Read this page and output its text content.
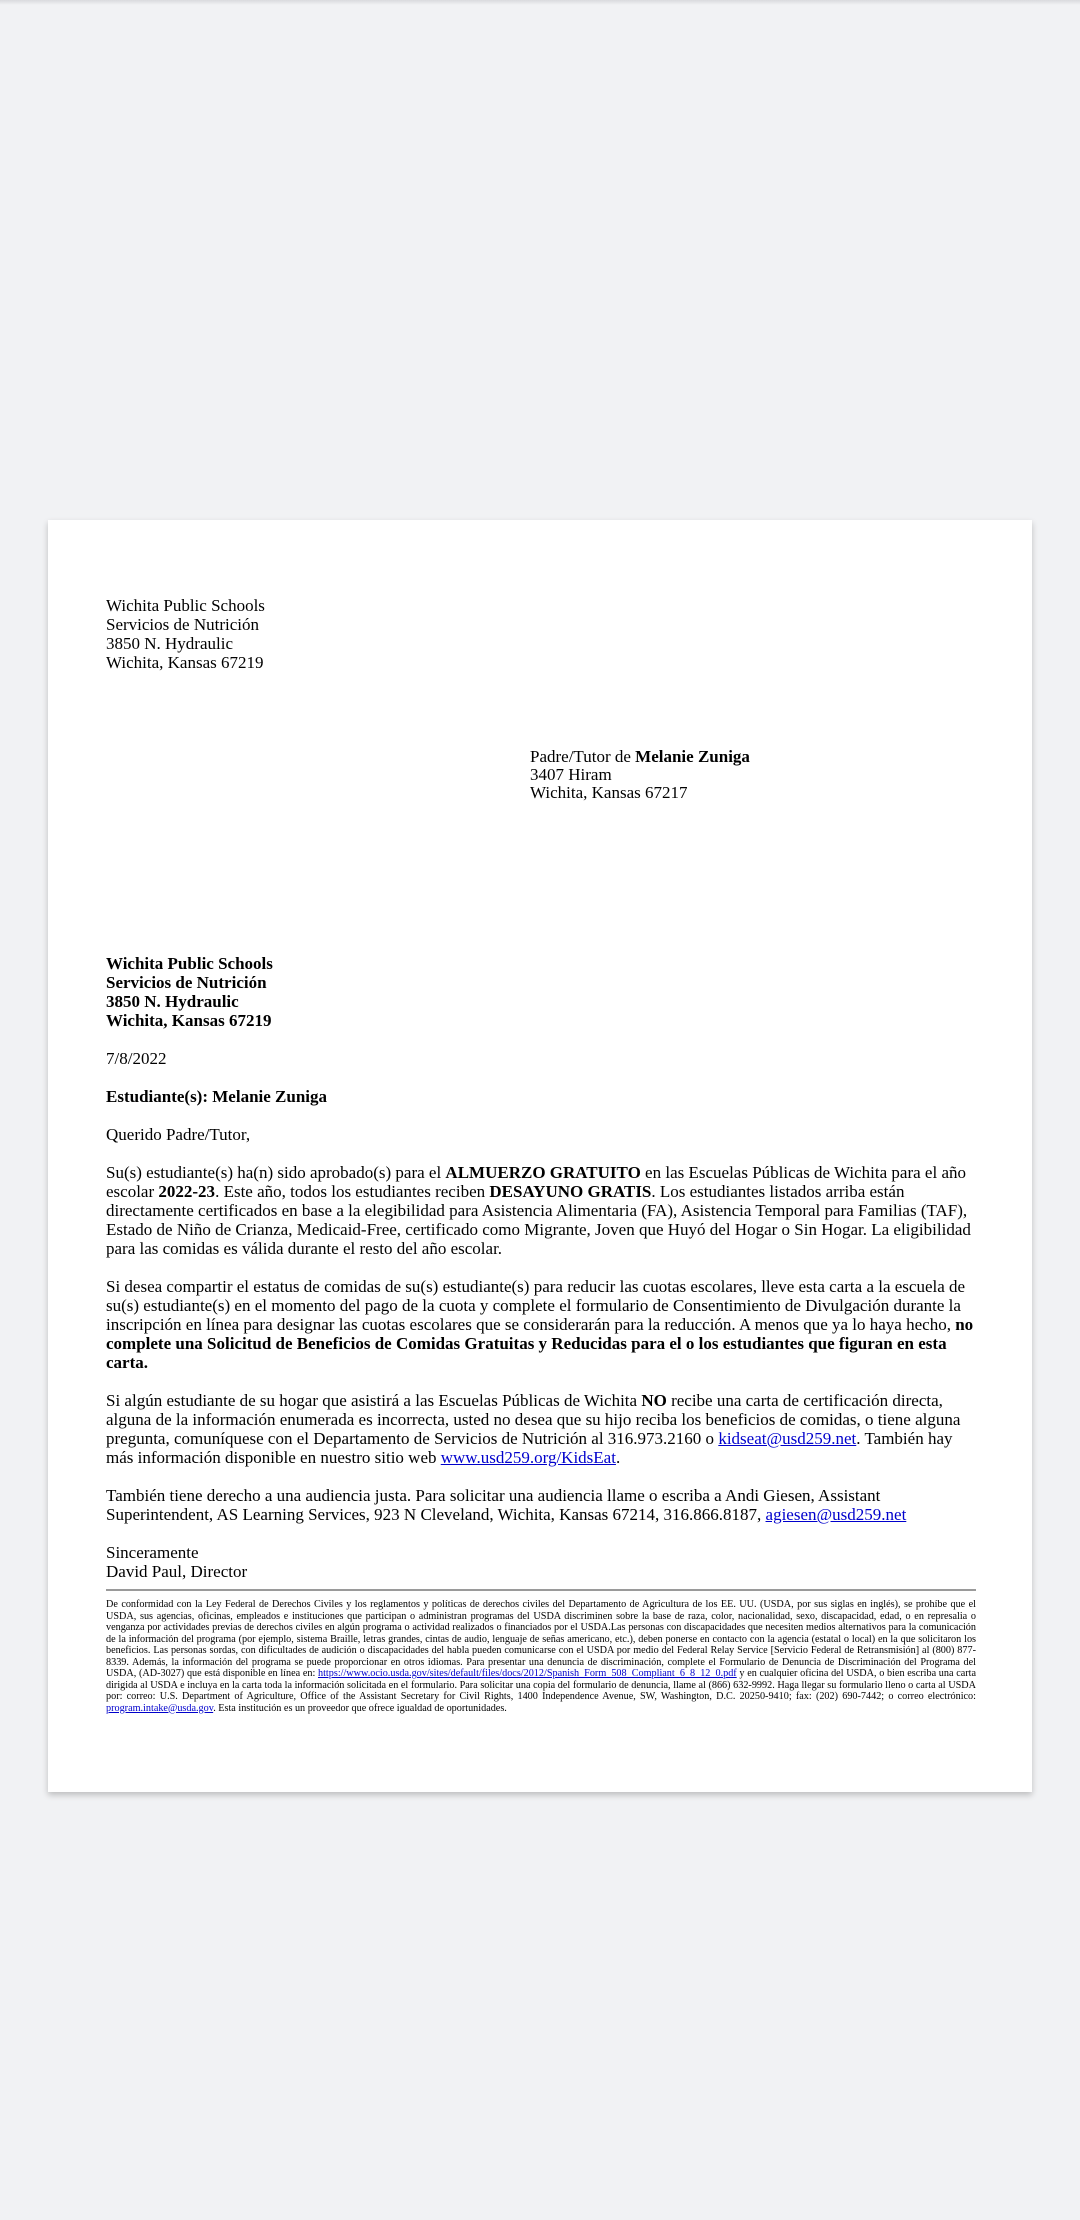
Wichita Public Schools
Servicios de Nutrición
3850 N. Hydraulic
Wichita, Kansas 67219
Padre/Tutor de Melanie Zuniga
3407 Hiram
Wichita, Kansas 67217
Wichita Public Schools
Servicios de Nutrición
3850 N. Hydraulic
Wichita, Kansas 67219
7/8/2022
Estudiante(s): Melanie Zuniga
Querido Padre/Tutor,
Su(s) estudiante(s) ha(n) sido aprobado(s) para el ALMUERZO GRATUITO en las Escuelas Públicas de Wichita para el año escolar 2022-23. Este año, todos los estudiantes reciben DESAYUNO GRATIS. Los estudiantes listados arriba están directamente certificados en base a la elegibilidad para Asistencia Alimentaria (FA), Asistencia Temporal para Familias (TAF), Estado de Niño de Crianza, Medicaid-Free, certificado como Migrante, Joven que Huyó del Hogar o Sin Hogar. La eligibilidad para las comidas es válida durante el resto del año escolar.
Si desea compartir el estatus de comidas de su(s) estudiante(s) para reducir las cuotas escolares, lleve esta carta a la escuela de su(s) estudiante(s) en el momento del pago de la cuota y complete el formulario de Consentimiento de Divulgación durante la inscripción en línea para designar las cuotas escolares que se considerarán para la reducción. A menos que ya lo haya hecho, no complete una Solicitud de Beneficios de Comidas Gratuitas y Reducidas para el o los estudiantes que figuran en esta carta.
Si algún estudiante de su hogar que asistirá a las Escuelas Públicas de Wichita NO recibe una carta de certificación directa, alguna de la información enumerada es incorrecta, usted no desea que su hijo reciba los beneficios de comidas, o tiene alguna pregunta, comuníquese con el Departamento de Servicios de Nutrición al 316.973.2160 o kidseat@usd259.net. También hay más información disponible en nuestro sitio web www.usd259.org/KidsEat.
También tiene derecho a una audiencia justa. Para solicitar una audiencia llame o escriba a Andi Giesen, Assistant Superintendent, AS Learning Services, 923 N Cleveland, Wichita, Kansas 67214, 316.866.8187, agiesen@usd259.net
Sinceramente
David Paul, Director
De conformidad con la Ley Federal de Derechos Civiles y los reglamentos y políticas de derechos civiles del Departamento de Agricultura de los EE. UU. (USDA, por sus siglas en inglés), se prohíbe que el USDA, sus agencias, oficinas, empleados e instituciones que participan o administran programas del USDA discriminen sobre la base de raza, color, nacionalidad, sexo, discapacidad, edad, o en represalia o venganza por actividades previas de derechos civiles en algún programa o actividad realizados o financiados por el USDA.Las personas con discapacidades que necesiten medios alternativos para la comunicación de la información del programa (por ejemplo, sistema Braille, letras grandes, cintas de audio, lenguaje de señas americano, etc.), deben ponerse en contacto con la agencia (estatal o local) en la que solicitaron los beneficios. Las personas sordas, con dificultades de audición o discapacidades del habla pueden comunicarse con el USDA por medio del Federal Relay Service [Servicio Federal de Retransmisión] al (800) 877-8339. Además, la información del programa se puede proporcionar en otros idiomas. Para presentar una denuncia de discriminación, complete el Formulario de Denuncia de Discriminación del Programa del USDA, (AD-3027) que está disponible en línea en: https://www.ocio.usda.gov/sites/default/files/docs/2012/Spanish_Form_508_Compliant_6_8_12_0.pdf y en cualquier oficina del USDA, o bien escriba una carta dirigida al USDA e incluya en la carta toda la información solicitada en el formulario. Para solicitar una copia del formulario de denuncia, llame al (866) 632-9992. Haga llegar su formulario lleno o carta al USDA por: correo: U.S. Department of Agriculture, Office of the Assistant Secretary for Civil Rights, 1400 Independence Avenue, SW, Washington, D.C. 20250-9410; fax: (202) 690-7442; o correo electrónico: program.intake@usda.gov. Esta institución es un proveedor que ofrece igualdad de oportunidades.
